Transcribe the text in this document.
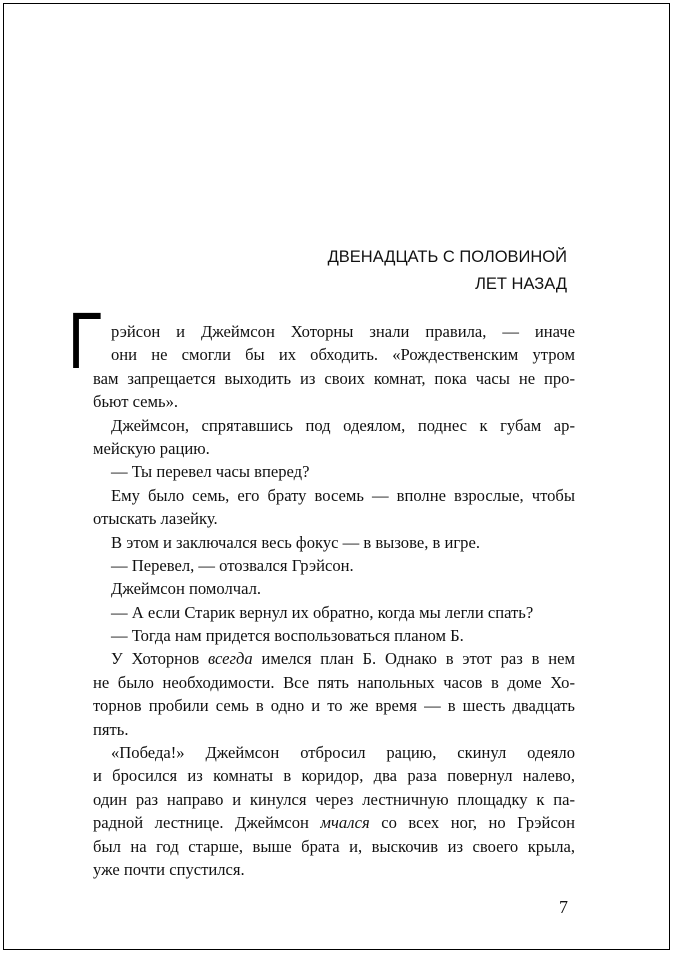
ДВЕНАДЦАТЬ С ПОЛОВИНОЙ
ЛЕТ НАЗАД
Г рэйсон и Джеймсон Хоторны знали правила, — иначе
они не смогли бы их обходить. «Рождественским утром
вам запрещается выходить из своих комнат, пока часы не про-
бьют семь».
Джеймсон, спрятавшись под одеялом, поднес к губам ар-
мейскую рацию.
— Ты перевел часы вперед?
Ему было семь, его брату восемь — вполне взрослые, чтобы
отыскать лазейку.
В этом и заключался весь фокус — в вызове, в игре.
— Перевел, — отозвался Грэйсон.
Джеймсон помолчал.
— А если Старик вернул их обратно, когда мы легли спать?
— Тогда нам придется воспользоваться планом Б.
У Хоторнов всегда имелся план Б. Однако в этот раз в нем
не было необходимости. Все пять напольных часов в доме Хо-
торнов пробили семь в одно и то же время — в шесть двадцать
пять.
«Победа!» Джеймсон отбросил рацию, скинул одеяло
и бросился из комнаты в коридор, два раза повернул налево,
один раз направо и кинулся через лестничную площадку к па-
радной лестнице. Джеймсон мчался со всех ног, но Грэйсон
был на год старше, выше брата и, выскочив из своего крыла,
уже почти спустился.
7
